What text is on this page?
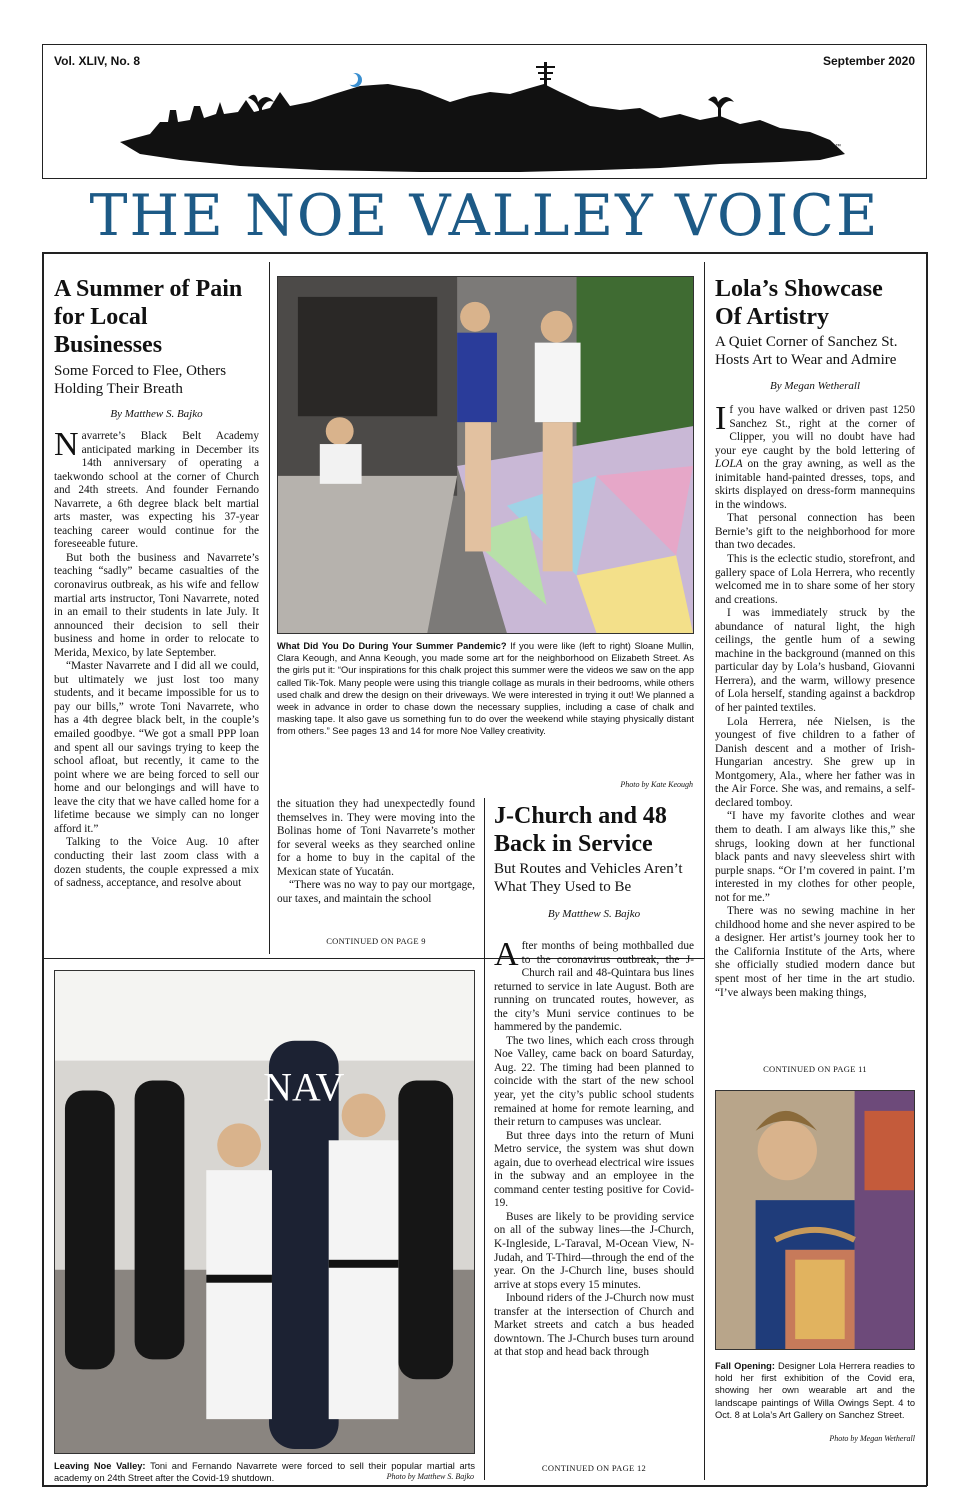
Vol. XLIV, No. 8	September 2020
™
THE NOE VALLEY VOICE
A Summer of Pain for Local Businesses
Some Forced to Flee, Others Holding Their Breath
By Matthew S. Bajko

Navarrete’s Black Belt Academy anticipated marking in December its 14th anniversary of operating a taekwondo school at the corner of Church and 24th streets. And founder Fernando Navarrete, a 6th degree black belt martial arts master, was expecting his 37-year teaching career would continue for the foreseeable future.

But both the business and Navarrete’s teaching “sadly” became casualties of the coronavirus outbreak, as his wife and fellow martial arts instructor, Toni Navarrete, noted in an email to their students in late July. It announced their decision to sell their business and home in order to relocate to Merida, Mexico, by late September.

“Master Navarrete and I did all we could, but ultimately we just lost too many students, and it became impossible for us to pay our bills,” wrote Toni Navarrete, who has a 4th degree black belt, in the couple’s emailed goodbye. “We got a small PPP loan and spent all our savings trying to keep the school afloat, but recently, it came to the point where we are being forced to sell our home and our belongings and will have to leave the city that we have called home for a lifetime because we simply can no longer afford it.”

Talking to the Voice Aug. 10 after conducting their last zoom class with a dozen students, the couple expressed a mix of sadness, acceptance, and resolve about

the situation they had unexpectedly found themselves in. They were moving into the Bolinas home of Toni Navarrete’s mother for several weeks as they searched online for a home to buy in the capital of the Mexican state of Yucatán.

“There was no way to pay our mortgage, our taxes, and maintain the school

CONTINUED ON PAGE 9
What Did You Do During Your Summer Pandemic? If you were like (left to right) Sloane Mullin, Clara Keough, and Anna Keough, you made some art for the neighborhood on Elizabeth Street. As the girls put it: “Our inspirations for this chalk project this summer were the videos we saw on the app called Tik-Tok. Many people were using this triangle collage as murals in their bedrooms, while others used chalk and drew the design on their driveways. We were interested in trying it out! We planned a week in advance in order to chase down the necessary supplies, including a case of chalk and masking tape. It also gave us something fun to do over the weekend while staying physically distant from others.” See pages 13 and 14 for more Noe Valley creativity.
Photo by Kate Keough
J-Church and 48 Back in Service
But Routes and Vehicles Aren’t What They Used to Be
By Matthew S. Bajko

After months of being mothballed due to the coronavirus outbreak, the J-Church rail and 48-Quintara bus lines returned to service in late August. Both are running on truncated routes, however, as the city’s Muni service continues to be hammered by the pandemic.

The two lines, which each cross through Noe Valley, came back on board Saturday, Aug. 22. The timing had been planned to coincide with the start of the new school year, yet the city’s public school students remained at home for remote learning, and their return to campuses was unclear.

But three days into the return of Muni Metro service, the system was shut down again, due to overhead electrical wire issues in the subway and an employee in the command center testing positive for Covid-19.

Buses are likely to be providing service on all of the subway lines—the J-Church, K-Ingleside, L-Taraval, M-Ocean View, N-Judah, and T-Third—through the end of the year. On the J-Church line, buses should arrive at stops every 15 minutes.

Inbound riders of the J-Church now must transfer at the intersection of Church and Market streets and catch a bus headed downtown. The J-Church buses turn around at that stop and head back through

CONTINUED ON PAGE 12
NAV
Leaving Noe Valley: Toni and Fernando Navarrete were forced to sell their popular martial arts academy on 24th Street after the Covid-19 shutdown.	Photo by Matthew S. Bajko
Lola’s Showcase Of Artistry
A Quiet Corner of Sanchez St. Hosts Art to Wear and Admire
By Megan Wetherall

If you have walked or driven past 1250 Sanchez St., right at the corner of Clipper, you will no doubt have had your eye caught by the bold lettering of LOLA on the gray awning, as well as the inimitable hand-painted dresses, tops, and skirts displayed on dress-form mannequins in the windows.

That personal connection has been Bernie’s gift to the neighborhood for more than two decades.

This is the eclectic studio, storefront, and gallery space of Lola Herrera, who recently welcomed me in to share some of her story and creations.

I was immediately struck by the abundance of natural light, the high ceilings, the gentle hum of a sewing machine in the background (manned on this particular day by Lola’s husband, Giovanni Herrera), and the warm, willowy presence of Lola herself, standing against a backdrop of her painted textiles.

Lola Herrera, née Nielsen, is the youngest of five children to a father of Danish descent and a mother of Irish-Hungarian ancestry. She grew up in Montgomery, Ala., where her father was in the Air Force. She was, and remains, a self-declared tomboy.

“I have my favorite clothes and wear them to death. I am always like this,” she shrugs, looking down at her functional black pants and navy sleeveless shirt with purple snaps. “Or I’m covered in paint. I’m interested in my clothes for other people, not for me.”

There was no sewing machine in her childhood home and she never aspired to be a designer. Her artist’s journey took her to the California Institute of the Arts, where she officially studied modern dance but spent most of her time in the art studio. “I’ve always been making things,

CONTINUED ON PAGE 11
Fall Opening: Designer Lola Herrera readies to hold her first exhibition of the Covid era, showing her own wearable art and the landscape paintings of Willa Owings Sept. 4 to Oct. 8 at Lola’s Art Gallery on Sanchez Street.
Photo by Megan Wetherall
